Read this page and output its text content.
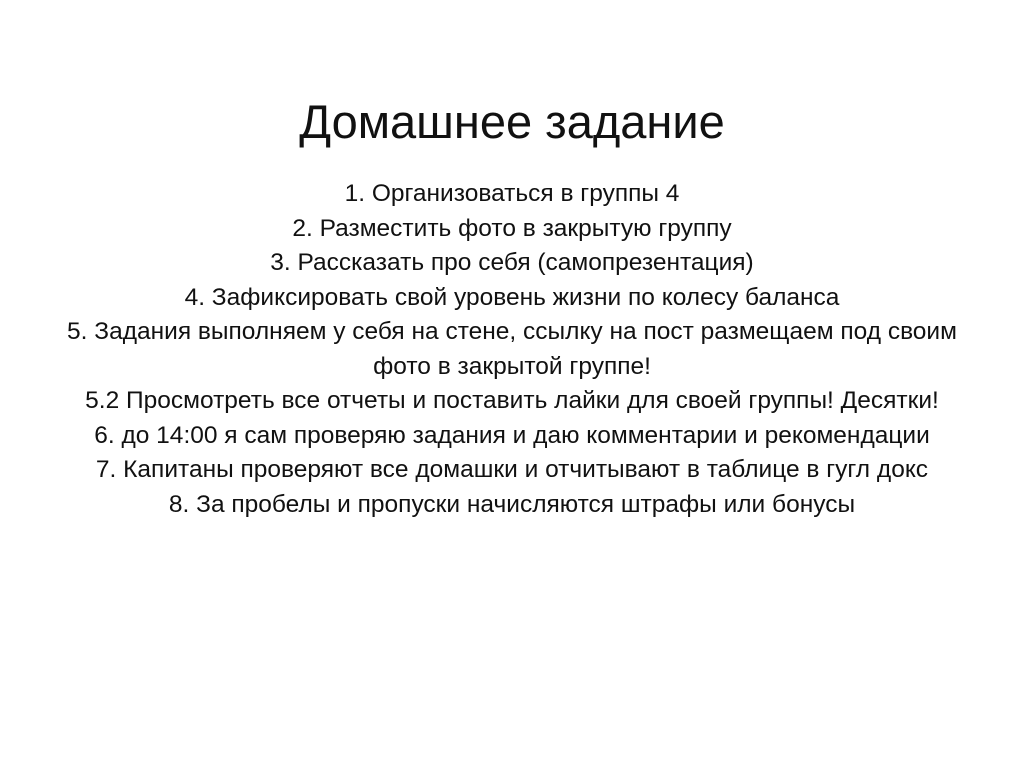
Домашнее задание
1. Организоваться в группы 4
2. Разместить фото в закрытую группу
3. Рассказать про себя (самопрезентация)
4. Зафиксировать свой уровень жизни по колесу баланса
5. Задания выполняем у себя на стене, ссылку на пост размещаем под своим фото в закрытой группе!
5.2 Просмотреть все отчеты и поставить лайки для своей группы! Десятки!
6. до 14:00 я сам проверяю задания и даю комментарии и рекомендации
7. Капитаны проверяют все домашки и отчитывают в таблице в гугл докс
8. За пробелы и пропуски начисляются штрафы или бонусы
